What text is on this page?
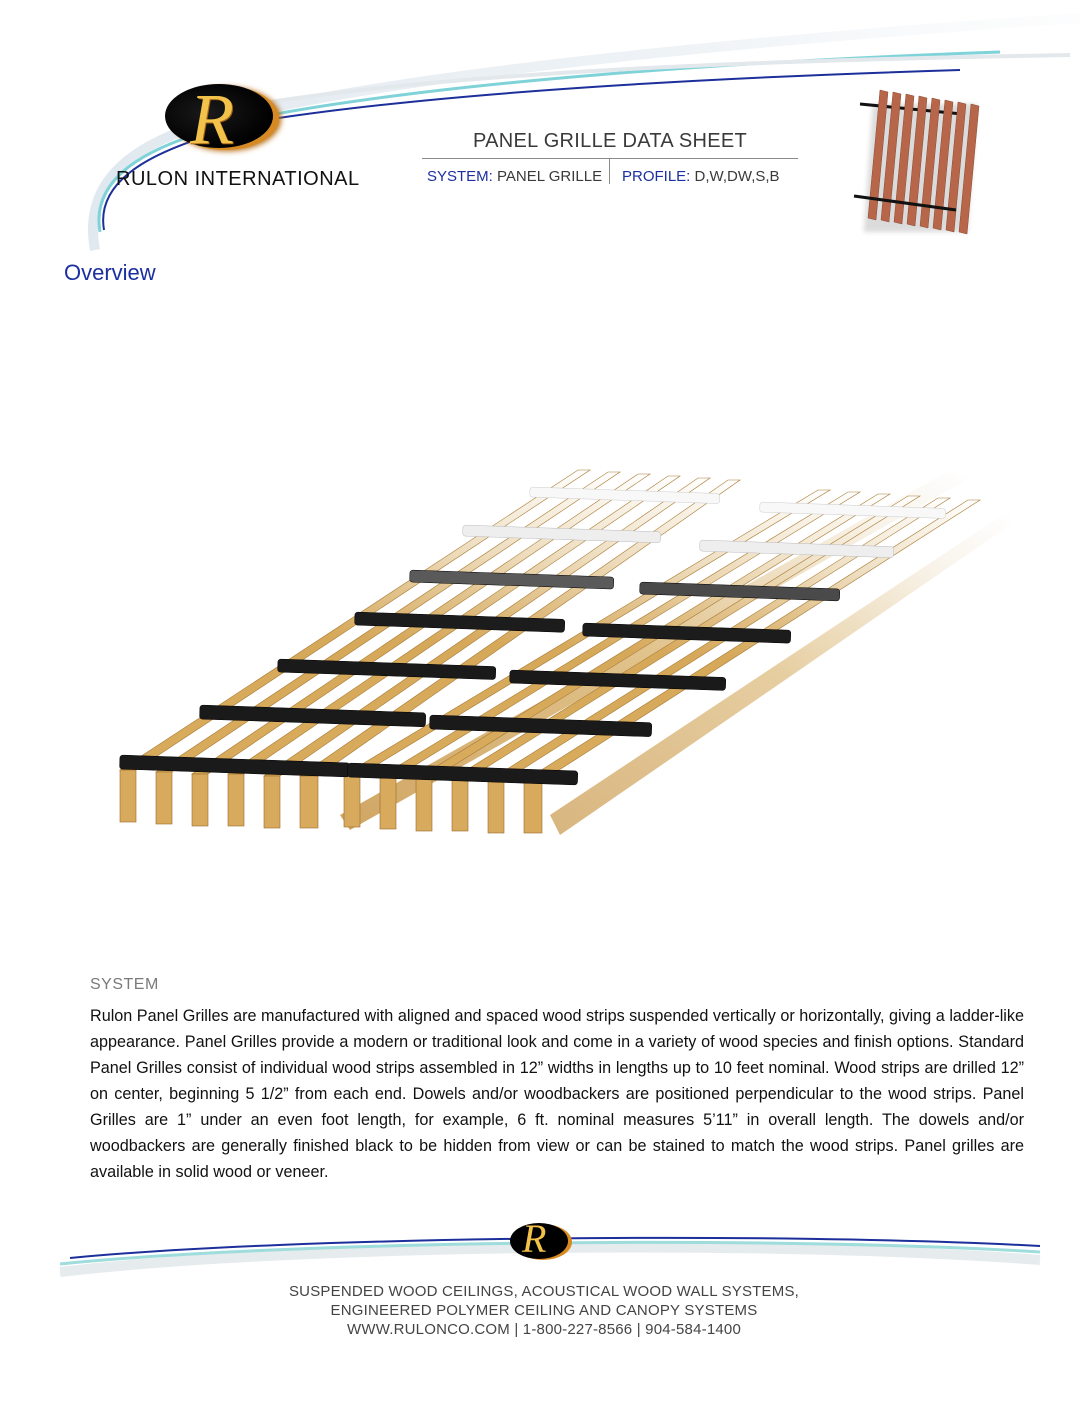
R
RULON INTERNATIONAL
PANEL GRILLE DATA SHEET
SYSTEM: PANEL GRILLE PROFILE: D,W,DW,S,B
Overview
SYSTEM
Rulon Panel Grilles are manufactured with aligned and spaced wood strips suspended vertically or horizontally, giving a ladder-like appearance. Panel Grilles provide a modern or traditional look and come in a variety of wood species and finish options. Standard Panel Grilles consist of individual wood strips assembled in 12” widths in lengths up to 10 feet nominal. Wood strips are drilled 12” on center, beginning 5 1/2” from each end. Dowels and/or woodbackers are positioned perpendicular to the wood strips. Panel Grilles are 1” under an even foot length, for example, 6 ft. nominal measures 5’11” in overall length. The dowels and/or woodbackers are generally finished black to be hidden from view or can be stained to match the wood strips. Panel grilles are available in solid wood or veneer.
R
SUSPENDED WOOD CEILINGS, ACOUSTICAL WOOD WALL SYSTEMS,
ENGINEERED POLYMER CEILING AND CANOPY SYSTEMS
WWW.RULONCO.COM | 1-800-227-8566 | 904-584-1400
